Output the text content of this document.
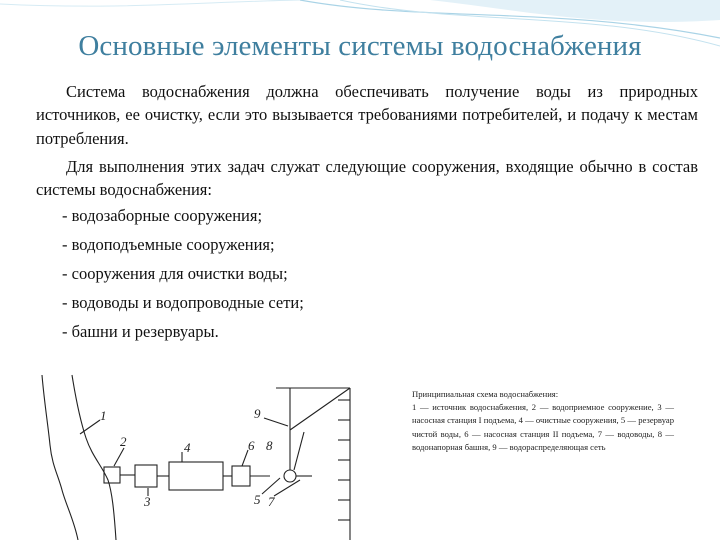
Основные элементы системы водоснабжения

Система водоснабжения должна обеспечивать получение воды из природных источников, ее очистку, если это вызывается требованиями потребителей, и подачу к местам потребления.

Для выполнения этих задач служат следующие сооружения, входящие обычно в состав системы водоснабжения:

- водозаборные сооружения;

- водоподъемные сооружения;

- сооружения для очистки воды;

- водоводы и водопроводные сети;

- башни и резервуары.

1
2
3
4
5
6
7
8
9
Принципиальная схема водоснабжения:
1 — источник водоснабжения, 2 — водоприемное сооружение, 3 — насосная станция I подъема, 4 — очистные сооружения, 5 — резервуар чистой воды, 6 — насосная станция II подъема, 7 — водоводы, 8 — водонапорная башня, 9 — водораспределяющая сеть
